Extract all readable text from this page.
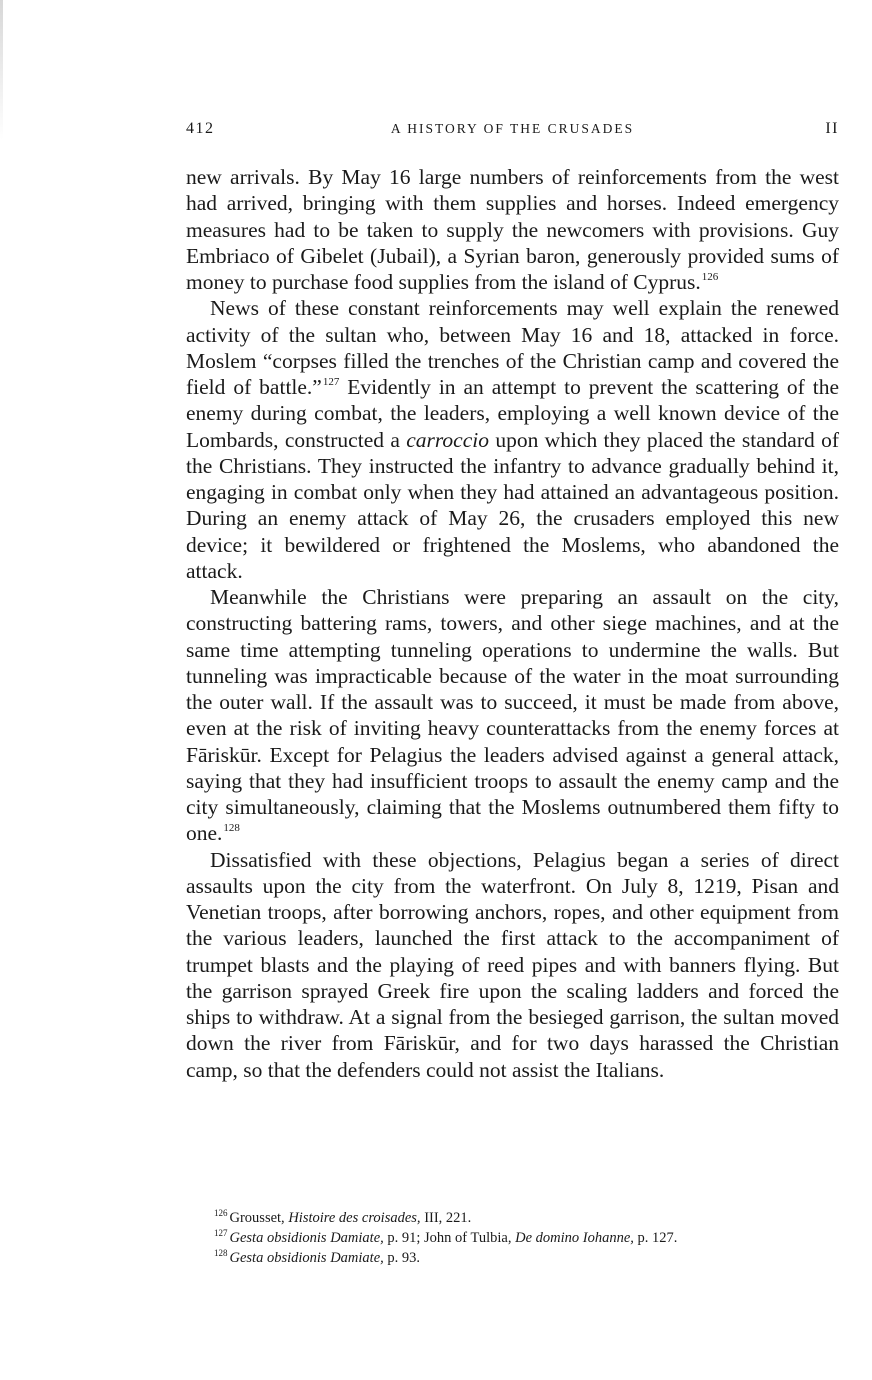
412	A HISTORY OF THE CRUSADES	II

new arrivals. By May 16 large numbers of reinforcements from the west had arrived, bringing with them supplies and horses. Indeed emergency measures had to be taken to supply the newcomers with provisions. Guy Embriaco of Gibelet (Jubail), a Syrian baron, generously provided sums of money to purchase food supplies from the island of Cyprus.$^{126}$

News of these constant reinforcements may well explain the renewed activity of the sultan who, between May 16 and 18, attacked in force. Moslem “corpses filled the trenches of the Christian camp and covered the field of battle.”$^{127}$ Evidently in an attempt to prevent the scattering of the enemy during combat, the leaders, employing a well known device of the Lombards, constructed a carroccio upon which they placed the standard of the Christians. They instructed the infantry to advance gradually behind it, engaging in combat only when they had attained an advantageous position. During an enemy attack of May 26, the crusaders employed this new device; it bewildered or frightened the Moslems, who abandoned the attack.

Meanwhile the Christians were preparing an assault on the city, constructing battering rams, towers, and other siege machines, and at the same time attempting tunneling operations to undermine the walls. But tunneling was impracticable because of the water in the moat surrounding the outer wall. If the assault was to succeed, it must be made from above, even at the risk of inviting heavy counterattacks from the enemy forces at Fāriskūr. Except for Pelagius the leaders advised against a general attack, saying that they had insufficient troops to assault the enemy camp and the city simultaneously, claiming that the Moslems outnumbered them fifty to one.$^{128}$

Dissatisfied with these objections, Pelagius began a series of direct assaults upon the city from the waterfront. On July 8, 1219, Pisan and Venetian troops, after borrowing anchors, ropes, and other equipment from the various leaders, launched the first attack to the accompaniment of trumpet blasts and the playing of reed pipes and with banners flying. But the garrison sprayed Greek fire upon the scaling ladders and forced the ships to withdraw. At a signal from the besieged garrison, the sultan moved down the river from Fāriskūr, and for two days harassed the Christian camp, so that the defenders could not assist the Italians.

$^{126}$ Grousset, Histoire des croisades, III, 221.

$^{127}$ Gesta obsidionis Damiate, p. 91; John of Tulbia, De domino Iohanne, p. 127.

$^{128}$ Gesta obsidionis Damiate, p. 93.
